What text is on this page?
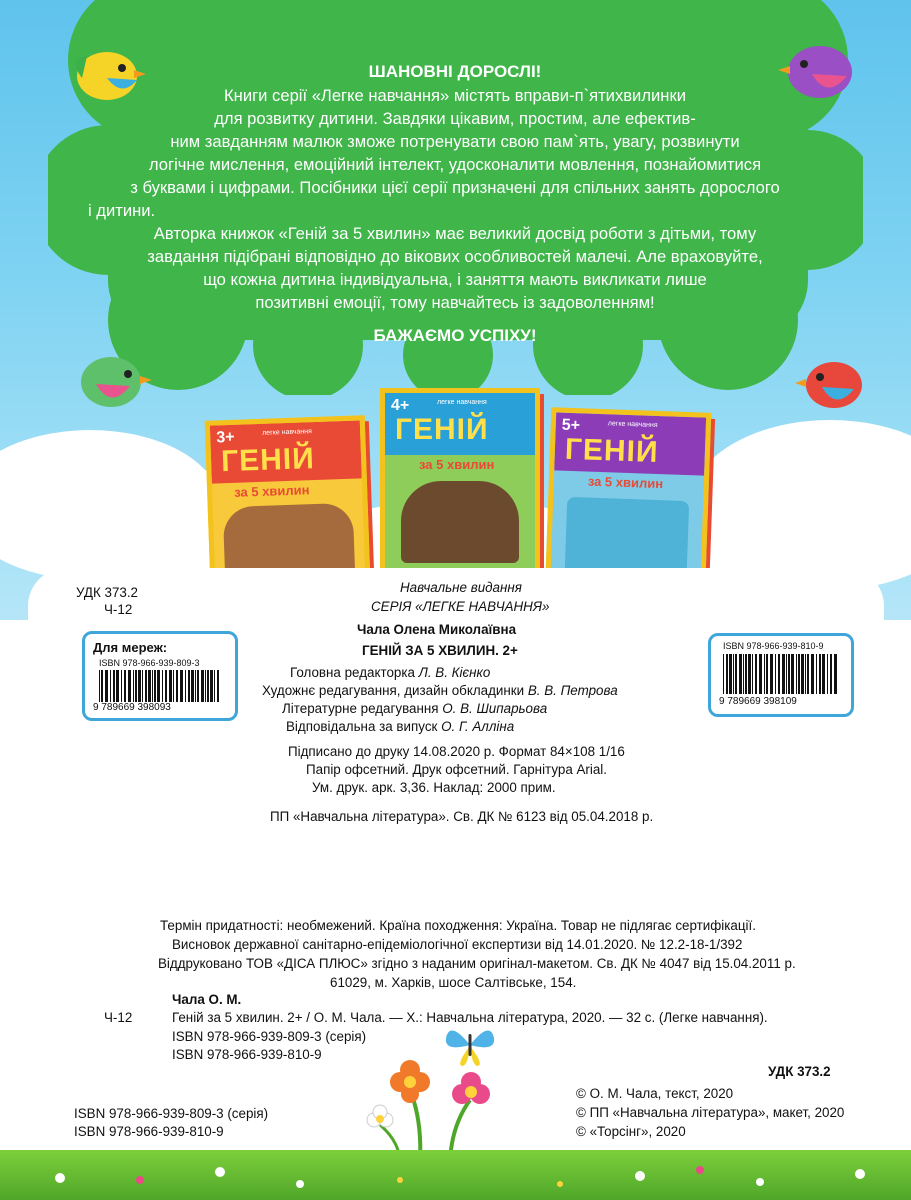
ШАНОВНІ ДОРОСЛІ!

Книги серії «Легке навчання» містять вправи-п`ятихвилинки

для розвитку дитини. Завдяки цікавим, простим, але ефектив-

ним завданням малюк зможе потренувати свою пам`ять, увагу, розвинути

логічне мислення, емоційний інтелект, удосконалити мовлення, познайомитися

з буквами і цифрами. Посібники цієї серії призначені для спільних занять дорослого

і дитини.

Авторка книжок «Геній за 5 хвилин» має великий досвід роботи з дітьми, тому

завдання підібрані відповідно до вікових особливостей малечі. Але враховуйте,

що кожна дитина індивідуальна, і заняття мають викликати лише

позитивні емоції, тому навчайтесь із задоволенням!

БАЖАЄМО УСПІХУ!

3+	легке навчання
ГЕНІЙ
за 5 хвилин
4+	легке навчання
ГЕНІЙ
за 5 хвилин
5+	легке навчання
ГЕНІЙ
за 5 хвилин
УДК 373.2
Ч-12
Навчальне видання
СЕРІЯ «ЛЕГКЕ НАВЧАННЯ»
Чала Олена Миколаївна
ГЕНІЙ ЗА 5 ХВИЛИН. 2+
Головна редакторка Л. В. Кієнко
Художнє редагування, дизайн обкладинки В. В. Петрова
Літературне редагування О. В. Шипарьова
Відповідальна за випуск О. Г. Алліна
Підписано до друку 14.08.2020 р. Формат 84×108 1/16
Папір офсетний. Друк офсетний. Гарнітура Arial.
Ум. друк. арк. 3,36. Наклад: 2000 прим.
ПП «Навчальна література». Св. ДК № 6123 від 05.04.2018 р.
Для мереж:
ISBN 978-966-939-809-3
9 789669 398093
ISBN 978-966-939-810-9
9 789669 398109
Термін придатності: необмежений. Країна походження: Україна. Товар не підлягає сертифікації.
Висновок державної санітарно-епідеміологічної експертизи від 14.01.2020. № 12.2-18-1/392
Віддруковано ТОВ «ДІСА ПЛЮС» згідно з наданим оригінал-макетом. Св. ДК № 4047 від 15.04.2011 р.
61029, м. Харків, шосе Салтівське, 154.
Чала О. М.
Ч-12	Геній за 5 хвилин. 2+ / О. М. Чала. — Х.: Навчальна література, 2020. — 32 с. (Легке навчання).
ISBN 978-966-939-809-3 (серія)
ISBN 978-966-939-810-9
УДК 373.2
© О. М. Чала, текст, 2020
© ПП «Навчальна література», макет, 2020
© «Торсінг», 2020
ISBN 978-966-939-809-3 (серія)
ISBN 978-966-939-810-9
